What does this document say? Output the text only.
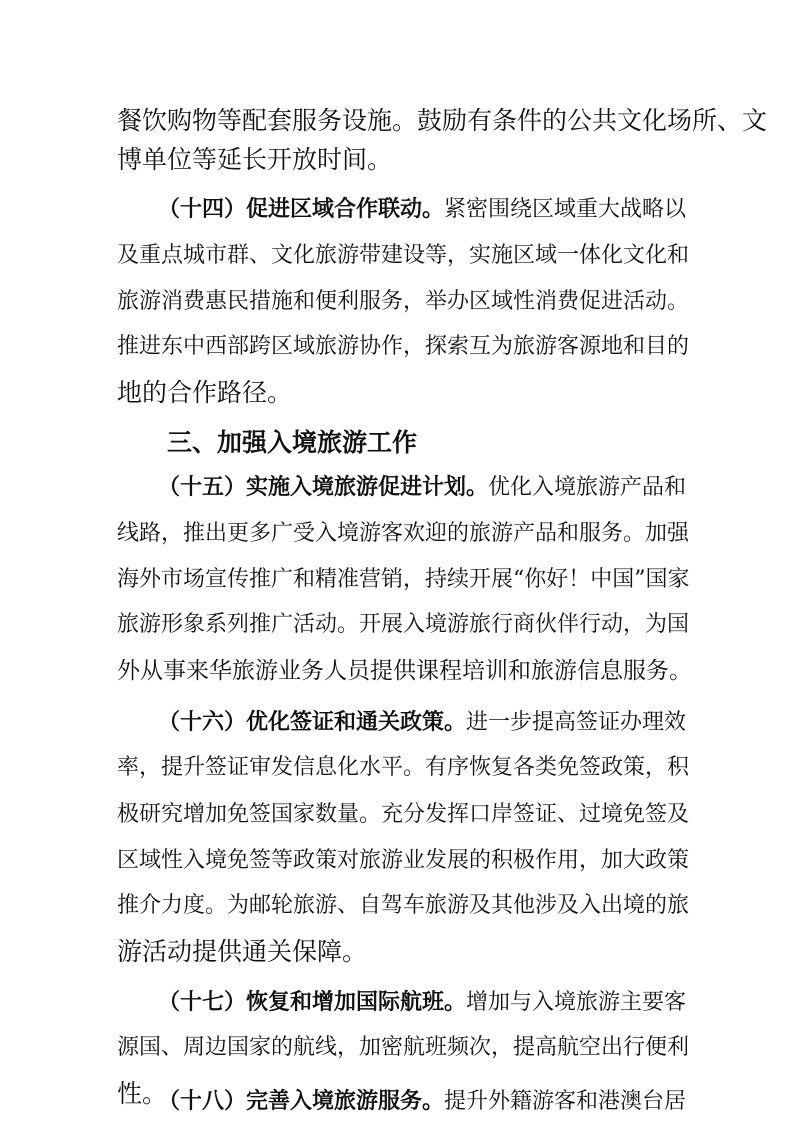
餐饮购物等配套服务设施。鼓励有条件的公共文化场所、文
博单位等延长开放时间。
（十四）促进区域合作联动。紧密围绕区域重大战略以
及重点城市群、文化旅游带建设等，实施区域一体化文化和
旅游消费惠民措施和便利服务，举办区域性消费促进活动。
推进东中西部跨区域旅游协作，探索互为旅游客源地和目的
地的合作路径。
三、加强入境旅游工作
（十五）实施入境旅游促进计划。优化入境旅游产品和
线路，推出更多广受入境游客欢迎的旅游产品和服务。加强
海外市场宣传推广和精准营销，持续开展“你好！中国”国家
旅游形象系列推广活动。开展入境游旅行商伙伴行动，为国
外从事来华旅游业务人员提供课程培训和旅游信息服务。
（十六）优化签证和通关政策。进一步提高签证办理效
率，提升签证审发信息化水平。有序恢复各类免签政策，积
极研究增加免签国家数量。充分发挥口岸签证、过境免签及
区域性入境免签等政策对旅游业发展的积极作用，加大政策
推介力度。为邮轮旅游、自驾车旅游及其他涉及入出境的旅
游活动提供通关保障。
（十七）恢复和增加国际航班。增加与入境旅游主要客
源国、周边国家的航线，加密航班频次，提高航空出行便利
性。
（十八）完善入境旅游服务。提升外籍游客和港澳台居
